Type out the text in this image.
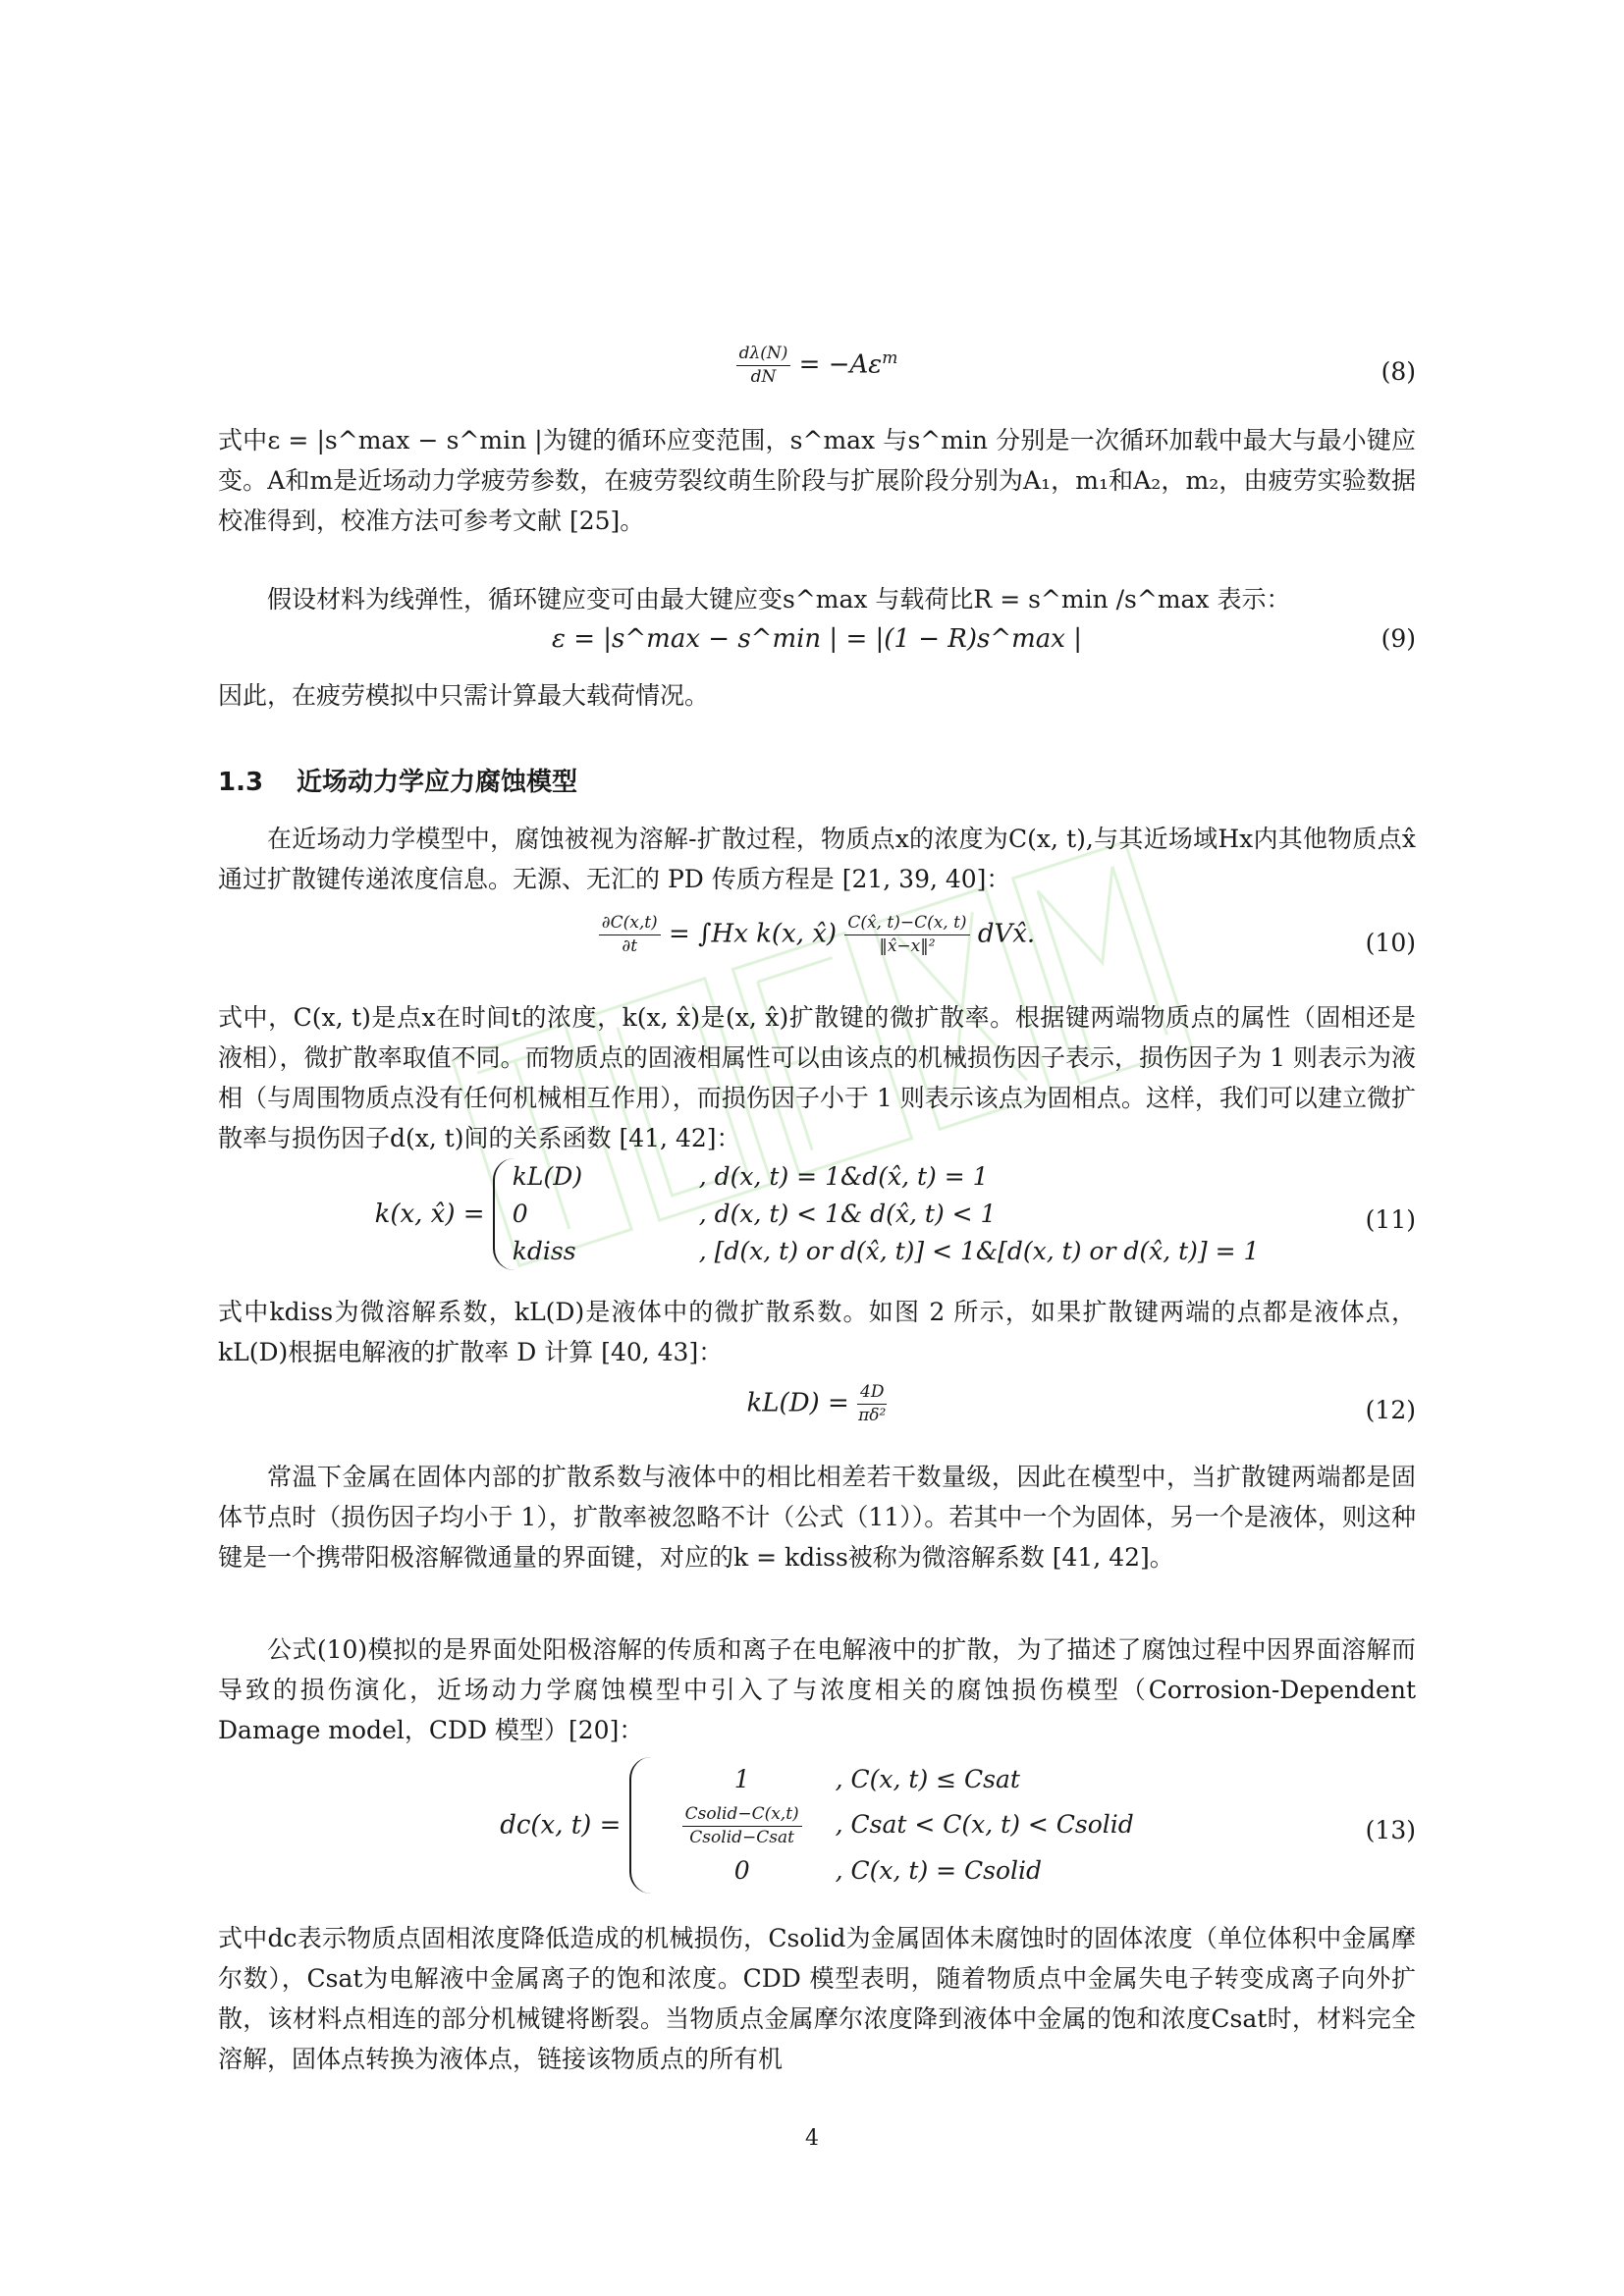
$\frac{d\lambda(N)}{dN} = -A\varepsilon^m$	(8)

式中ε = |s^max − s^min |为键的循环应变范围，s^max 与s^min 分别是一次循环加载中最大与最小键应变。A和m是近场动力学疲劳参数，在疲劳裂纹萌生阶段与扩展阶段分别为A₁，m₁和A₂，m₂，由疲劳实验数据校准得到，校准方法可参考文献 [25]。

假设材料为线弹性，循环键应变可由最大键应变s^max 与载荷比R = s^min /s^max 表示：

ε = |s^max − s^min | = |(1 − R)s^max |	(9)

因此，在疲劳模拟中只需计算最大载荷情况。

1.3 近场动力学应力腐蚀模型

在近场动力学模型中，腐蚀被视为溶解-扩散过程，物质点x的浓度为C(x, t),与其近场域Hx内其他物质点x̂通过扩散键传递浓度信息。无源、无汇的 PD 传质方程是 [21, 39, 40]：

$\frac{\partial C(x,t)}{\partial t} = \int Hx$ k(x, x̂) $\frac{C(x̂, t)-C(x, t)}{\text{‖x̂−x‖²}}$ dVx̂.	(10)

式中，C(x, t)是点x在时间t的浓度，k(x, x̂)是(x, x̂)扩散键的微扩散率。根据键两端物质点的属性（固相还是液相），微扩散率取值不同。而物质点的固液相属性可以由该点的机械损伤因子表示，损伤因子为 1 则表示为液相（与周围物质点没有任何机械相互作用），而损伤因子小于 1 则表示该点为固相点。这样，我们可以建立微扩散率与损伤因子d(x, t)间的关系函数 [41, 42]：

k(x, x̂) =
kL(D)	, d(x, t) = 1&d(x̂, t) = 1
0	, d(x, t) < 1& d(x̂, t) < 1
kdiss	, [d(x, t) or d(x̂, t)] < 1&[d(x, t) or d(x̂, t)] = 1
(11)

式中kdiss为微溶解系数，kL(D)是液体中的微扩散系数。如图 2 所示，如果扩散键两端的点都是液体点，kL(D)根据电解液的扩散率 D 计算 [40, 43]：

$kL(D) = \frac{4D}{\text{πδ²}}$	(12)

常温下金属在固体内部的扩散系数与液体中的相比相差若干数量级，因此在模型中，当扩散键两端都是固体节点时（损伤因子均小于 1），扩散率被忽略不计（公式（11））。若其中一个为固体，另一个是液体，则这种键是一个携带阳极溶解微通量的界面键，对应的k = kdiss被称为微溶解系数 [41, 42]。

公式(10)模拟的是界面处阳极溶解的传质和离子在电解液中的扩散，为了描述了腐蚀过程中因界面溶解而导致的损伤演化，近场动力学腐蚀模型中引入了与浓度相关的腐蚀损伤模型（Corrosion-Dependent Damage model，CDD 模型）[20]：

dc(x, t) =
1	, C(x, t) ≤ Csat
$\frac{\text{Csolid−C(x,t)}}{\text{Csolid−Csat}}$ , Csat < C(x, t) < Csolid
0	, C(x, t) = Csolid
(13)

式中dc表示物质点固相浓度降低造成的机械损伤，Csolid为金属固体未腐蚀时的固体浓度（单位体积中金属摩尔数），Csat为电解液中金属离子的饱和浓度。CDD 模型表明，随着物质点中金属失电子转变成离子向外扩散，该材料点相连的部分机械键将断裂。当物质点金属摩尔浓度降到液体中金属的饱和浓度Csat时，材料完全溶解，固体点转换为液体点，链接该物质点的所有机

4
